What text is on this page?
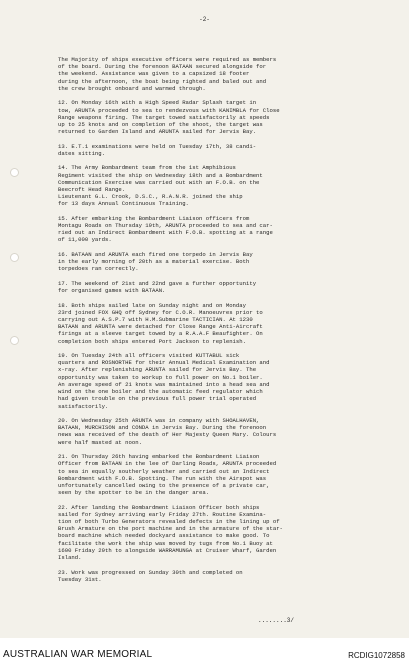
-2-

The Majority of ships executive officers were required as members
of the board. During the forenoon BATAAN secured alongside for
the weekend. Assistance was given to a capsized 18 footer
during the afternoon, the boat being righted and baled out and
the crew brought onboard and warmed through.

12. On Monday 16th with a High Speed Radar Splash target in
tow, ARUNTA proceeded to sea to rendezvous with KANIMBLA for Close
Range weapons firing. The target towed satisfactorily at speeds
up to 25 knots and on completion of the shoot, the target was
returned to Garden Island and ARUNTA sailed for Jervis Bay.

13. E.T.1 examinations were held on Tuesday 17th, 38 candi-
dates sitting.

14. The Army Bombardment team from the 1st Amphibious
Regiment visited the ship on Wednesday 18th and a Bombardment
Communication Exercise was carried out with an F.O.B. on the
Beecroft Head Range.
Lieutenant G.L. Crook, D.S.C., R.A.N.R. joined the ship
for 13 days Annual Continuous Training.

15. After embarking the Bombardment Liaison officers from
Montagu Roads on Thursday 19th, ARUNTA proceeded to sea and car-
ried out an Indirect Bombardment with F.O.B. spotting at a range
of 11,000 yards.

16. BATAAN and ARUNTA each fired one torpedo in Jervis Bay
in the early morning of 20th as a material exercise. Both
torpedoes ran correctly.

17. The weekend of 21st and 22nd gave a further opportunity
for organised games with BATAAN.

18. Both ships sailed late on Sunday night and on Monday
23rd joined FOX GHQ off Sydney for C.O.R. Manoeuvres prior to
carrying out A.S.P.7 with H.M.Submarine TACTICIAN. At 1230
BATAAN and ARUNTA were detached for Close Range Anti-Aircraft
firings at a sleeve target towed by a R.A.A.F Beaufighter. On
completion both ships entered Port Jackson to replenish.

19. On Tuesday 24th all officers visited KUTTABUL sick
quarters and ROSNORTHE for their Annual Medical Examination and
x-ray. After replenishing ARUNTA sailed for Jervis Bay. The
opportunity was taken to workup to full power on No.1 boiler.
An average speed of 21 knots was maintained into a head sea and
wind on the one boiler and the automatic feed regulator which
had given trouble on the previous full power trial operated
satisfactorily.

20. On Wednesday 25th ARUNTA was in company with SHOALHAVEN,
BATAAN, MURCHISON and CONDA in Jervis Bay. During the forenoon
news was received of the death of Her Majesty Queen Mary. Colours
were half masted at noon.

21. On Thursday 26th having embarked the Bombardment Liaison
Officer from BATAAN in the lee of Darling Roads, ARUNTA proceeded
to sea in equally southerly weather and carried out an Indirect
Bombardment with F.O.B. Spotting. The run with the Airspot was
unfortunately cancelled owing to the presence of a private car,
seen by the spotter to be in the danger area.

22. After landing the Bombardment Liaison Officer both ships
sailed for Sydney arriving early Friday 27th. Routine Examina-
tion of both Turbo Generators revealed defects in the lining up of
Brush Armature on the port machine and in the armature of the star-
board machine which needed dockyard assistance to make good. To
facilitate the work the ship was moved by tugs from No.1 Buoy at
1600 Friday 29th to alongside WARRAMUNGA at Cruiser Wharf, Garden
Island.

23. Work was progressed on Sunday 30th and completed on
Tuesday 31st.

........3/
AUSTRALIAN WAR MEMORIAL	RCDIG1072858
